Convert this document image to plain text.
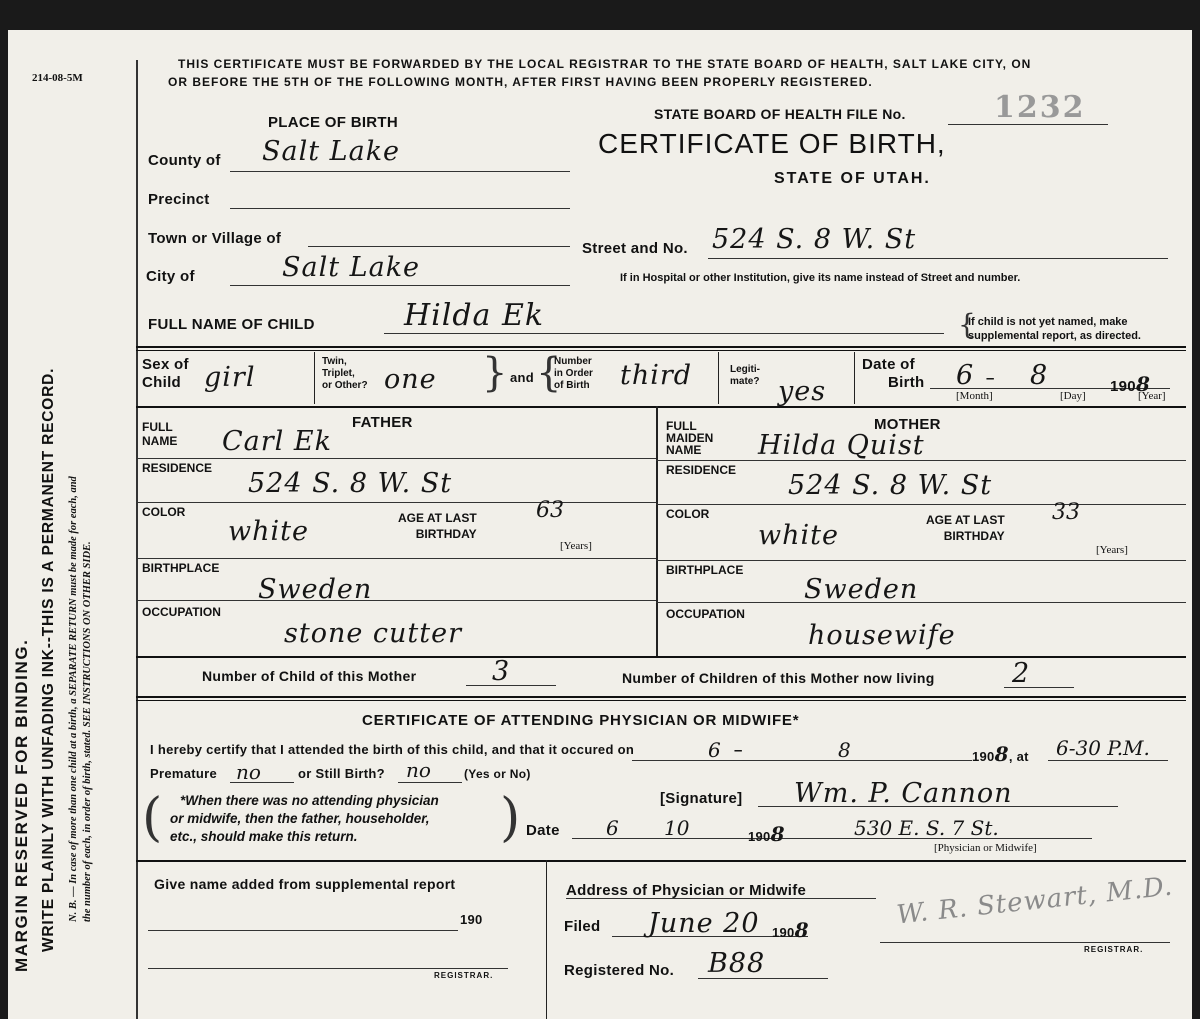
214-08-5M
MARGIN RESERVED FOR BINDING. WRITE PLAINLY WITH UNFADING INK--THIS IS A PERMANENT RECORD. N. B. — In case of more than one child at a birth, a SEPARATE RETURN must be made for each, and the number of each, in order of birth, stated. SEE INSTRUCTIONS ON OTHER SIDE.
THIS CERTIFICATE MUST BE FORWARDED BY THE LOCAL REGISTRAR TO THE STATE BOARD OF HEALTH, SALT LAKE CITY, ON
OR BEFORE THE 5TH OF THE FOLLOWING MONTH, AFTER FIRST HAVING BEEN PROPERLY REGISTERED.
STATE BOARD OF HEALTH FILE No.	1232
CERTIFICATE OF BIRTH,
STATE OF UTAH.
PLACE OF BIRTH
County of Salt Lake
Precinct
Town or Village of
City of	Salt Lake
Street and No. 524 S. 8 W. St
If in Hospital or other Institution, give its name instead of Street and number.
FULL NAME OF CHILD	Hilda Ek	{
If child is not yet named, make
supplemental report, as directed.
Sex of
Child girl
Twin,
Triplet,
or Other? one } and {
Number
in Order
of Birth third	Legiti-
mate? yes
Date of
Birth 6 – 8	1908
[Month]	[Day]	[Year]
FATHER
FULL
NAME Carl Ek
RESIDENCE 524 S. 8 W. St
COLOR
white	AGE AT LAST
BIRTHDAY
63
[Years]
BIRTHPLACE
Sweden
OCCUPATION
stone cutter
MOTHER
FULL
MAIDEN
NAME	Hilda Quist
RESIDENCE 524 S. 8 W. St
COLOR
white	AGE AT LAST
BIRTHDAY
33
[Years]
BIRTHPLACE
Sweden
OCCUPATION
housewife
Number of Child of this Mother	3	Number of Children of this Mother now living	2
CERTIFICATE OF ATTENDING PHYSICIAN OR MIDWIFE*
I hereby certify that I attended the birth of this child, and that it occured on	6 –	8	1908, at 6-30 P.M.
Premature no	or Still Birth? no	(Yes or No)
(	*When there was no attending physician
or midwife, then the father, householder,
etc., should make this return.	)	[Signature] Wm. P. Cannon
Date 6 10	1908	530 E. S. 7 St.
[Physician or Midwife]
Give name added from supplemental report
190
REGISTRAR.
Address of Physician or Midwife
Filed June 20 1908
Registered No. B88
W. R. Stewart, M.D.
REGISTRAR.
